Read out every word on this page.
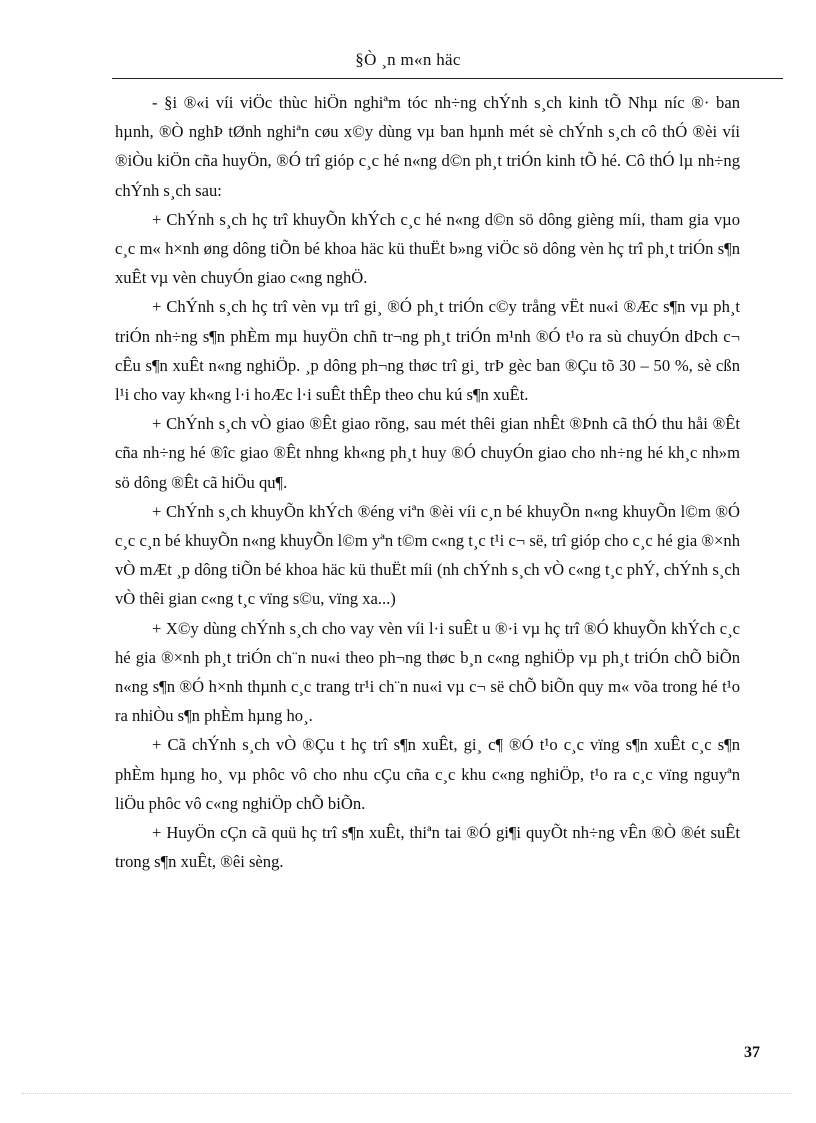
§Ò ¸n m«n häc

- §i ®«i víi viÖc thùc hiÖn nghiªm tóc nh÷ng chÝnh s¸ch kinh tÕ Nhµ níc ®· ban hµnh, ®Ò nghÞ tØnh nghiªn cøu x©y dùng vµ ban hµnh mét sè chÝnh s¸ch cô thÓ ®èi víi ®iÒu kiÖn cña huyÖn, ®Ó trî gióp c¸c hé n«ng d©n ph¸t triÓn kinh tÕ hé. Cô thÓ lµ nh÷ng chÝnh s¸ch sau:

+ ChÝnh s¸ch hç trî khuyÕn khÝch c¸c hé n«ng d©n sö dông gièng míi, tham gia vµo c¸c m« h×nh øng dông tiÕn bé khoa häc kü thuËt b»ng viÖc sö dông vèn hç trî ph¸t triÓn s¶n xuÊt vµ vèn chuyÓn giao c«ng nghÖ.

+ ChÝnh s¸ch hç trî vèn vµ trî gi¸ ®Ó ph¸t triÓn c©y trång vËt nu«i ®Æc s¶n vµ ph¸t triÓn nh÷ng s¶n phÈm mµ huyÖn chñ tr¬ng ph¸t triÓn m¹nh ®Ó t¹o ra sù chuyÓn dÞch c¬ cÊu s¶n xuÊt n«ng nghiÖp. ¸p dông ph¬ng thøc trî gi¸ trÞ gèc ban ®Çu tõ 30 – 50 %, sè cßn l¹i cho vay kh«ng l·i hoÆc l·i suÊt thÊp theo chu kú s¶n xuÊt.

+ ChÝnh s¸ch vÒ giao ®Êt giao rõng, sau mét thêi gian nhÊt ®Þnh cã thÓ thu håi ®Êt cña nh÷ng hé ®îc giao ®Êt nhng kh«ng ph¸t huy ®Ó chuyÓn giao cho nh÷ng hé kh¸c nh»m sö dông ®Êt cã hiÖu qu¶.

+ ChÝnh s¸ch khuyÕn khÝch ®éng viªn ®èi víi c¸n bé khuyÕn n«ng khuyÕn l©m ®Ó c¸c c¸n bé khuyÕn n«ng khuyÕn l©m yªn t©m c«ng t¸c t¹i c¬ së, trî gióp cho c¸c hé gia ®×nh vÒ mÆt ¸p dông tiÕn bé khoa häc kü thuËt míi (nh chÝnh s¸ch vÒ c«ng t¸c phÝ, chÝnh s¸ch vÒ thêi gian c«ng t¸c vïng s©u, vïng xa...)

+ X©y dùng chÝnh s¸ch cho vay vèn víi l·i suÊt u ®·i vµ hç trî ®Ó khuyÕn khÝch c¸c hé gia ®×nh ph¸t triÓn ch¨n nu«i theo ph¬ng thøc b¸n c«ng nghiÖp vµ ph¸t triÓn chÕ biÕn n«ng s¶n ®Ó h×nh thµnh c¸c trang tr¹i ch¨n nu«i vµ c¬ së chÕ biÕn quy m« võa trong hé t¹o ra nhiÒu s¶n phÈm hµng ho¸.

+ Cã chÝnh s¸ch vÒ ®Çu t hç trî s¶n xuÊt, gi¸ c¶ ®Ó t¹o c¸c vïng s¶n xuÊt c¸c s¶n phÈm hµng ho¸ vµ phôc vô cho nhu cÇu cña c¸c khu c«ng nghiÖp, t¹o ra c¸c vïng nguyªn liÖu phôc vô c«ng nghiÖp chÕ biÕn.

+ HuyÖn cÇn cã quü hç trî s¶n xuÊt, thiªn tai ®Ó gi¶i quyÕt nh÷ng vÊn ®Ò ®ét suÊt trong s¶n xuÊt, ®êi sèng.

37
